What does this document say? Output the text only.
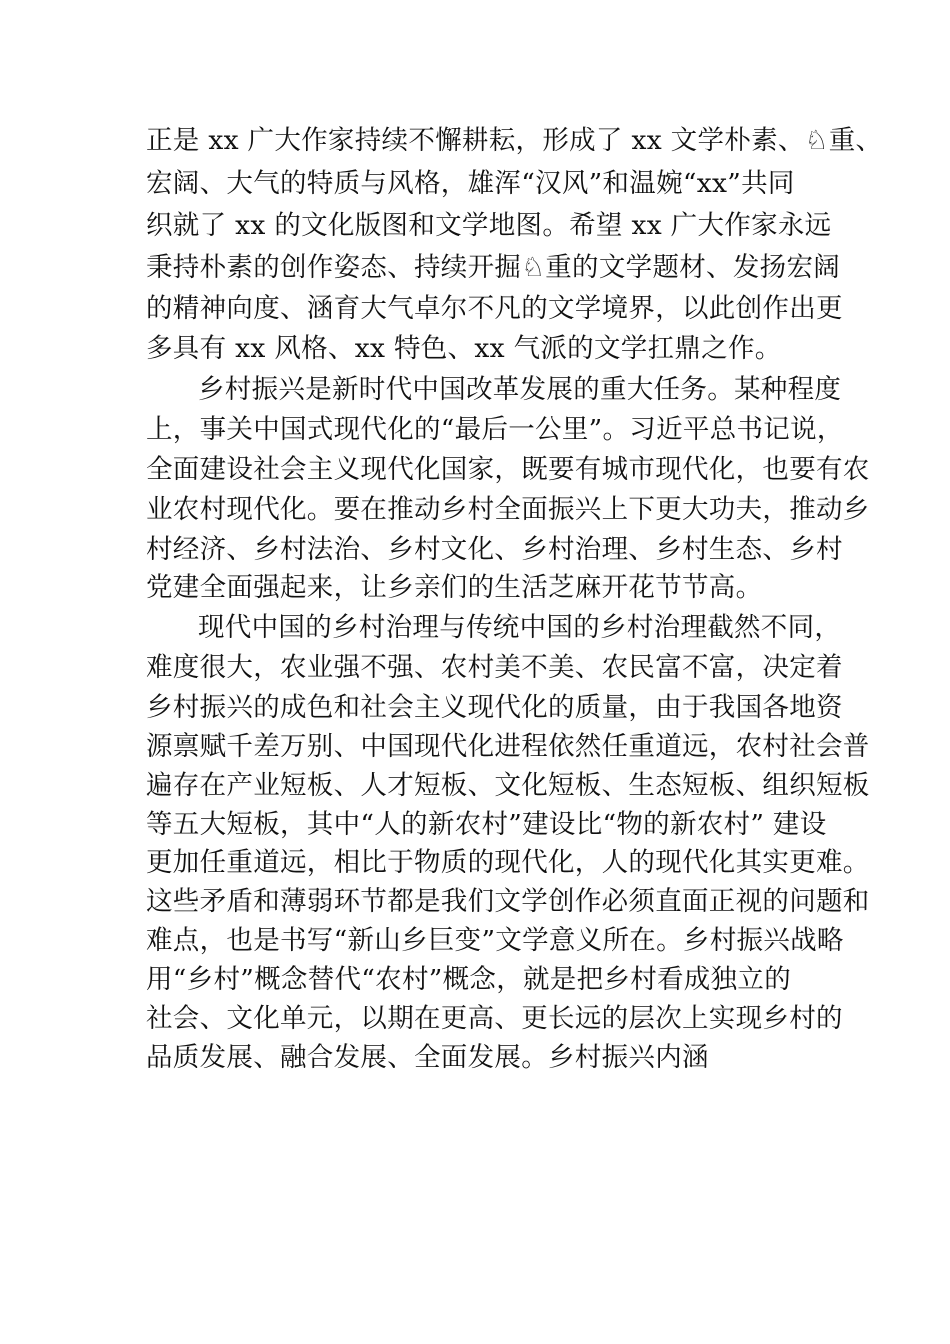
正是 xx 广大作家持续不懈耕耘，形成了 xx 文学朴素、♘重、
宏阔、大气的特质与风格，雄浑“汉风”和温婉“xx”共同
织就了 xx 的文化版图和文学地图。希望 xx 广大作家永远
秉持朴素的创作姿态、持续开掘♘重的文学题材、发扬宏阔
的精神向度、涵育大气卓尔不凡的文学境界，以此创作出更
多具有 xx 风格、xx 特色、xx 气派的文学扛鼎之作。
乡村振兴是新时代中国改革发展的重大任务。某种程度
上，事关中国式现代化的“最后一公里”。习近平总书记说，
全面建设社会主义现代化国家，既要有城市现代化，也要有农
业农村现代化。要在推动乡村全面振兴上下更大功夫，推动乡
村经济、乡村法治、乡村文化、乡村治理、乡村生态、乡村
党建全面强起来，让乡亲们的生活芝麻开花节节高。
现代中国的乡村治理与传统中国的乡村治理截然不同，
难度很大，农业强不强、农村美不美、农民富不富，决定着
乡村振兴的成色和社会主义现代化的质量，由于我国各地资
源禀赋千差万别、中国现代化进程依然任重道远，农村社会普
遍存在产业短板、人才短板、文化短板、生态短板、组织短板
等五大短板，其中“人的新农村”建设比“物的新农村” 建设
更加任重道远，相比于物质的现代化，人的现代化其实更难。
这些矛盾和薄弱环节都是我们文学创作必须直面正视的问题和
难点，也是书写“新山乡巨变”文学意义所在。乡村振兴战略
用“乡村”概念替代“农村”概念，就是把乡村看成独立的
社会、文化单元，以期在更高、更长远的层次上实现乡村的
品质发展、融合发展、全面发展。乡村振兴内涵
